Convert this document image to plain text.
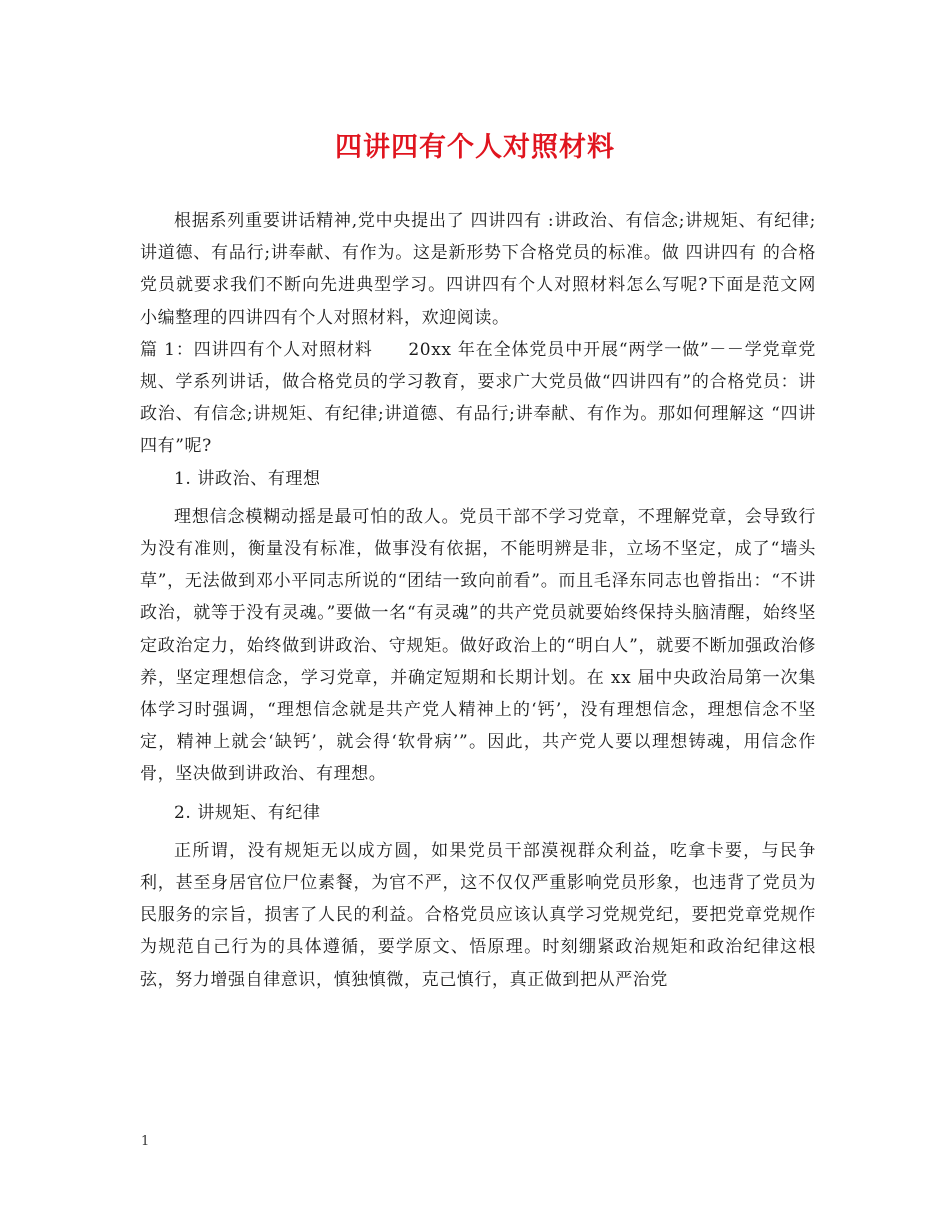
四讲四有个人对照材料

根据系列重要讲话精神,党中央提出了 四讲四有 :讲政治、有信念;讲规矩、有纪律;讲道德、有品行;讲奉献、有作为。这是新形势下合格党员的标准。做 四讲四有 的合格党员就要求我们不断向先进典型学习。四讲四有个人对照材料怎么写呢?下面是范文网小编整理的四讲四有个人对照材料，欢迎阅读。

篇 1：四讲四有个人对照材料　　20xx 年在全体党员中开展“两学一做”－－学党章党规、学系列讲话，做合格党员的学习教育，要求广大党员做“四讲四有”的合格党员：讲政治、有信念;讲规矩、有纪律;讲道德、有品行;讲奉献、有作为。那如何理解这 “四讲四有”呢?

1. 讲政治、有理想

理想信念模糊动摇是最可怕的敌人。党员干部不学习党章，不理解党章，会导致行为没有准则，衡量没有标准，做事没有依据，不能明辨是非，立场不坚定，成了“墙头草”，无法做到邓小平同志所说的“团结一致向前看”。而且毛泽东同志也曾指出：“不讲政治，就等于没有灵魂。”要做一名“有灵魂”的共产党员就要始终保持头脑清醒，始终坚定政治定力，始终做到讲政治、守规矩。做好政治上的“明白人”，就要不断加强政治修养，坚定理想信念，学习党章，并确定短期和长期计划。在 xx 届中央政治局第一次集体学习时强调，“理想信念就是共产党人精神上的‘钙’，没有理想信念，理想信念不坚定，精神上就会‘缺钙’，就会得‘软骨病’”。因此，共产党人要以理想铸魂，用信念作骨，坚决做到讲政治、有理想。

2. 讲规矩、有纪律

正所谓，没有规矩无以成方圆，如果党员干部漠视群众利益，吃拿卡要，与民争利，甚至身居官位尸位素餐，为官不严，这不仅仅严重影响党员形象，也违背了党员为民服务的宗旨，损害了人民的利益。合格党员应该认真学习党规党纪，要把党章党规作为规范自己行为的具体遵循，要学原文、悟原理。时刻绷紧政治规矩和政治纪律这根弦，努力增强自律意识，慎独慎微，克己慎行，真正做到把从严治党

1
